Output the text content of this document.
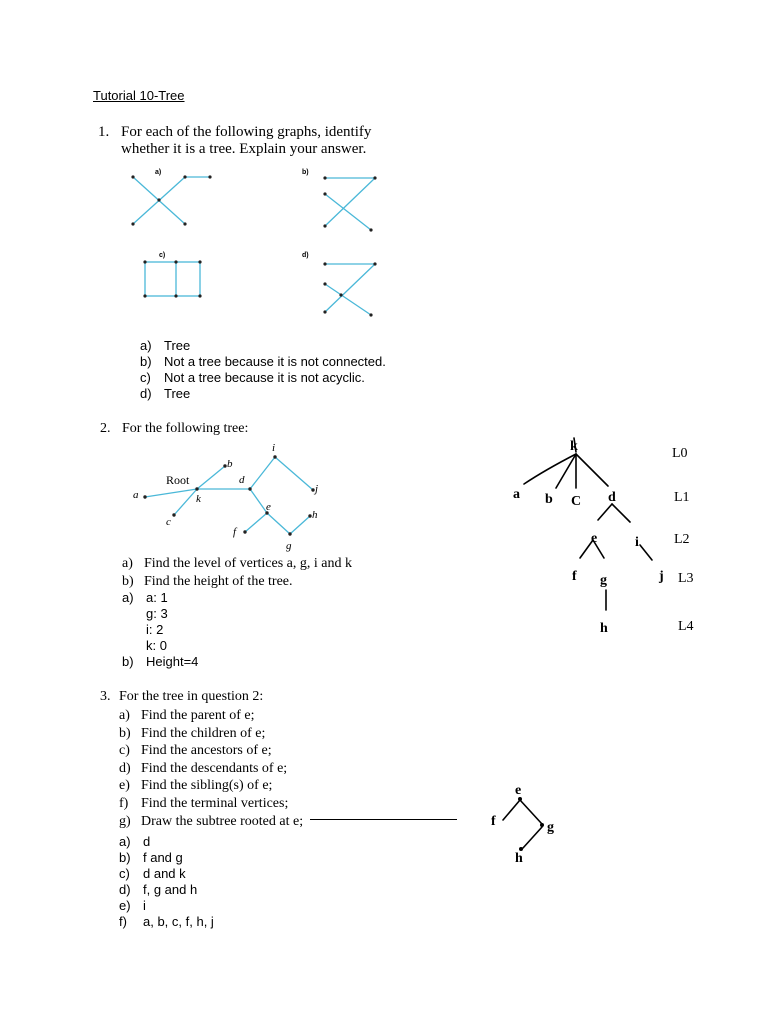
Tutorial 10-Tree
1. For each of the following graphs, identify
whether it is a tree. Explain your answer.
a)	b)
c)	d)
a) Tree
b) Not a tree because it is not connected.
c)	Not a tree because it is not acyclic.
d) Tree
2. For the following tree:
Root
a
b
c
d
e
f
g
h
i
j
k
a) Find the level of vertices a, g, i and k
b) Find the height of the tree.
a) a: 1
g: 3
i: 2
k: 0
b) Height=4
k
a b C d
e	i
f g	j
h
L0
L1
L2
L3
L4
3. For the tree in question 2:
a) Find the parent of e;
b) Find the children of e;
c) Find the ancestors of e;
d) Find the descendants of e;
e) Find the sibling(s) of e;
f) Find the terminal vertices;
g) Draw the subtree rooted at e;
a) d
b) f and g
c)	d and k
d) f, g and h
e) i
f)	a, b, c, f, h, j
e
f	g
h
